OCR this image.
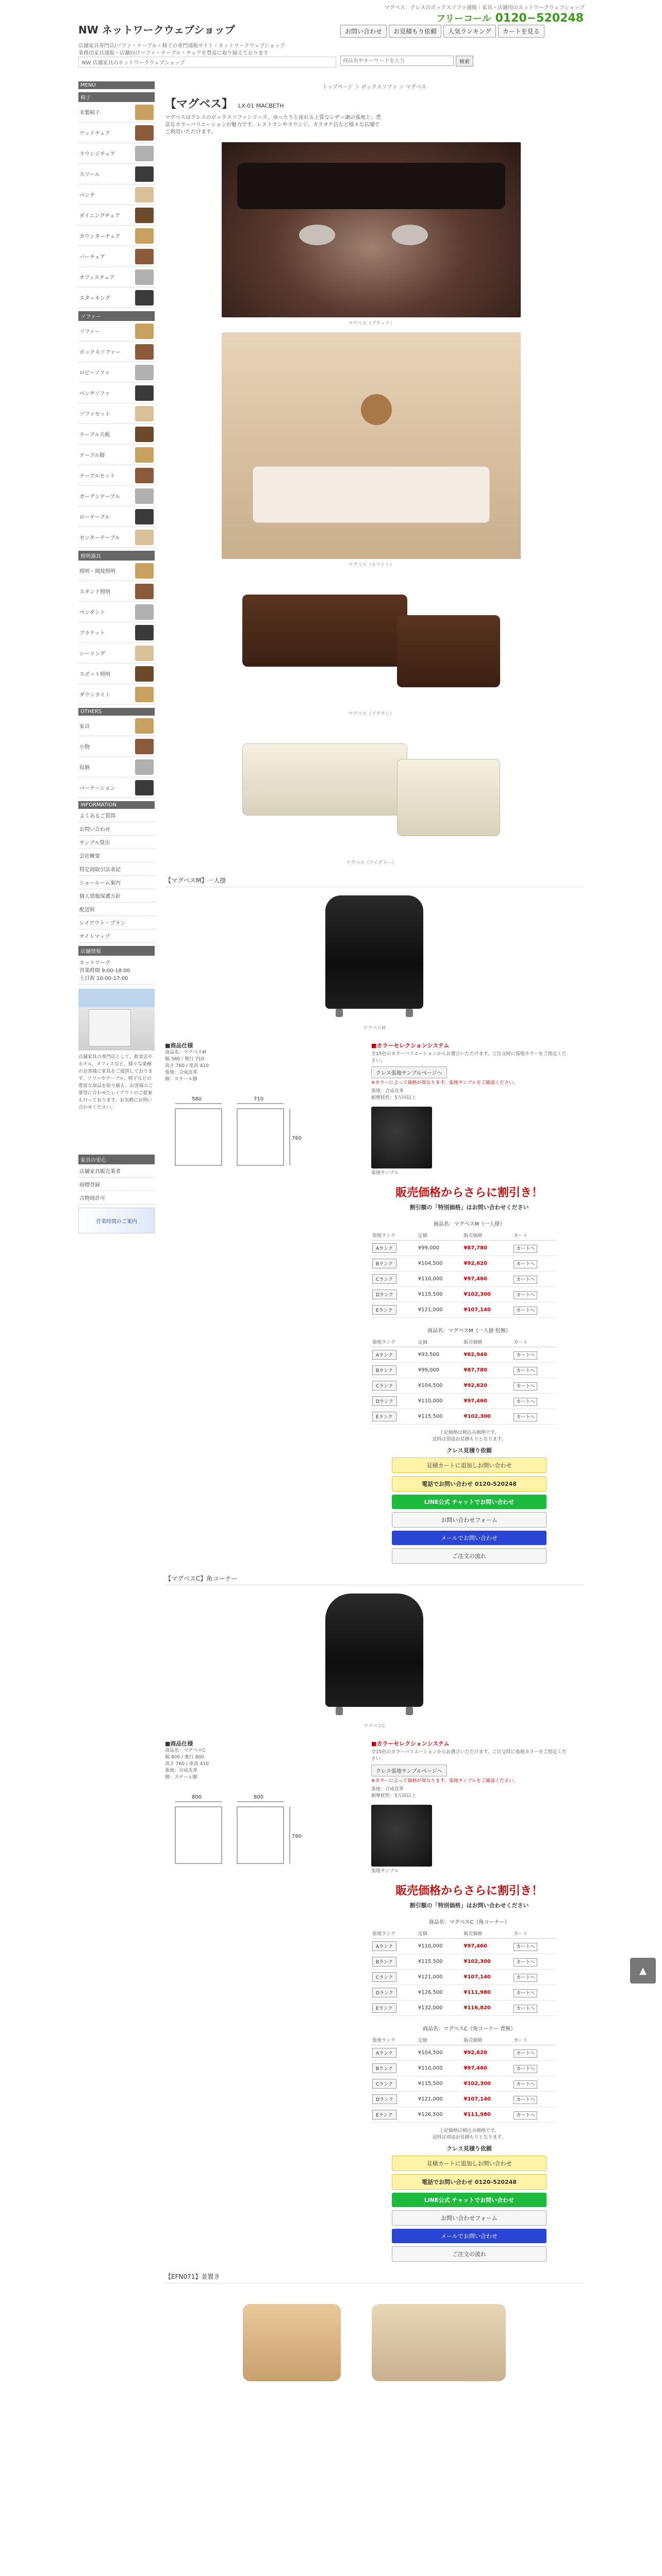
マグベス：クレスのボックスソファ通販｜家具・店舗用のネットワークウェブショップ
NW ネットワークウェブショップ
フリーコール 0120−520248
お問い合わせ	お見積もり依頼	人気ランキング	カートを見る
店舗家具専門店/ソファ・テーブル・椅子の専門通販サイト・ネットワークウェブショップ
業務用家具通販・店舗向けソファ・テーブル・チェアを豊富に取り揃えております
NW 店舗家具のネットワークウェブショップ
商品名やキーワードを入力	検索
MENU
椅子
木製椅子
ウッドチェア
ラウンジチェア
スツール
ベンチ
ダイニングチェア
カウンターチェア
バーチェア
オフィスチェア
スタッキング
ソファー
ソファー
ボックスソファー
ロビーソファ
ベンチソファ
ソファセット
テーブル天板
テーブル脚
テーブルセット
ガーデンテーブル
ローテーブル
センターテーブル
照明器具
照明・間接照明
スタンド照明
ペンダント
ブラケット
シーリング
スポット照明
ダウンライト
OTHERS
家具
小物
収納
パーテーション
INFORMATION
よくあるご質問
お問い合わせ
サンプル貸出
会社概要
特定商取引法表記
ショールーム案内
個人情報保護方針
配送料
レイアウト・プラン
サイトマップ
店舗情報
ネットワーク
営業時間 9:00-18:00
土日祝 10:00-17:00
店舗家具の専門店として、飲食店やホテル、オフィスなど、様々な業種のお客様に家具をご提供しております。ソファやテーブル、椅子などの豊富な商品を取り揃え、お客様のご要望に合わせたレイアウトのご提案も行っております。お気軽にお問い合わせください。
家具の安心
店舗家具販売業者
商標登録
古物商許可
営業時間のご案内
トップページ ＞ ボックスソファ ＞ マグベス
【マグベス】 LX-01 MACBETH
マグベスはクレスのボックスソファシリーズ。ゆったりと座れる上質なレザー調の張地と、豊富なカラーバリエーションが魅力です。レストランやラウンジ、カラオケ店など様々な店舗でご利用いただけます。
マグベス（ブラック）
マグベス（ホワイト）
マグベス（ブラウン）
マグベス（アイボリー）
【マグベスM】一人掛
マグベスM
■商品仕様
商品名：マグベスM
幅 580 / 奥行 710
高さ 760 / 座高 410
張地：合成皮革
脚：スチール脚
580	710
760
■カラーセレクションシステム
全15色のカラーバリエーションからお選びいただけます。ご注文時に張地カラーをご指定ください。
クレス張地サンプルページへ
※カラーによって価格が異なります。張地サンプルをご確認ください。
張地：合成皮革
耐摩耗性：5万回以上
張地サンプル
販売価格からさらに割引き！
割引額の「特別価格」はお問い合わせください
商品名：マグベスM（一人掛）
張地ランク	定価	販売価格	カート
Aランク	¥99,000	¥87,780	カートへ
Bランク	¥104,500	¥92,620	カートへ
Cランク	¥110,000	¥97,460	カートへ
Dランク	¥115,500	¥102,300	カートへ
Eランク	¥121,000	¥107,140	カートへ
商品名：マグベスM（一人掛 肘無）
張地ランク	定価	販売価格	カート
Aランク	¥93,500	¥82,940	カートへ
Bランク	¥99,000	¥87,780	カートへ
Cランク	¥104,500	¥92,620	カートへ
Dランク	¥110,000	¥97,460	カートへ
Eランク	¥115,500	¥102,300	カートへ
上記価格は税込み価格です。
送料は別途お見積もりとなります。
クレス見積り依頼
見積カートに追加しお問い合わせ
電話でお問い合わせ 0120-520248
LINE公式 チャットでお問い合わせ
お問い合わせフォーム
メールでお問い合わせ
ご注文の流れ
【マグベスC】角コーナー
マグベスC
■商品仕様
商品名：マグベスC
幅 800 / 奥行 800
高さ 760 / 座高 410
張地：合成皮革
脚：スチール脚
800	800
760
■カラーセレクションシステム
全15色のカラーバリエーションからお選びいただけます。ご注文時に張地カラーをご指定ください。
クレス張地サンプルページへ
※カラーによって価格が異なります。張地サンプルをご確認ください。
張地：合成皮革
耐摩耗性：5万回以上
張地サンプル
販売価格からさらに割引き！
割引額の「特別価格」はお問い合わせください
商品名：マグベスC（角コーナー）
張地ランク	定価	販売価格	カート
Aランク	¥110,000	¥97,460	カートへ
Bランク	¥115,500	¥102,300	カートへ
Cランク	¥121,000	¥107,140	カートへ
Dランク	¥126,500	¥111,980	カートへ
Eランク	¥132,000	¥116,820	カートへ
商品名：マグベスC（角コーナー 背無）
張地ランク	定価	販売価格	カート
Aランク	¥104,500	¥92,620	カートへ
Bランク	¥110,000	¥97,460	カートへ
Cランク	¥115,500	¥102,300	カートへ
Dランク	¥121,000	¥107,140	カートへ
Eランク	¥126,500	¥111,980	カートへ
上記価格は税込み価格です。
送料は別途お見積もりとなります。
クレス見積り依頼
見積カートに追加しお問い合わせ
電話でお問い合わせ 0120-520248
LINE公式 チャットでお問い合わせ
お問い合わせフォーム
メールでお問い合わせ
ご注文の流れ
【EFN071】並置き
▲
